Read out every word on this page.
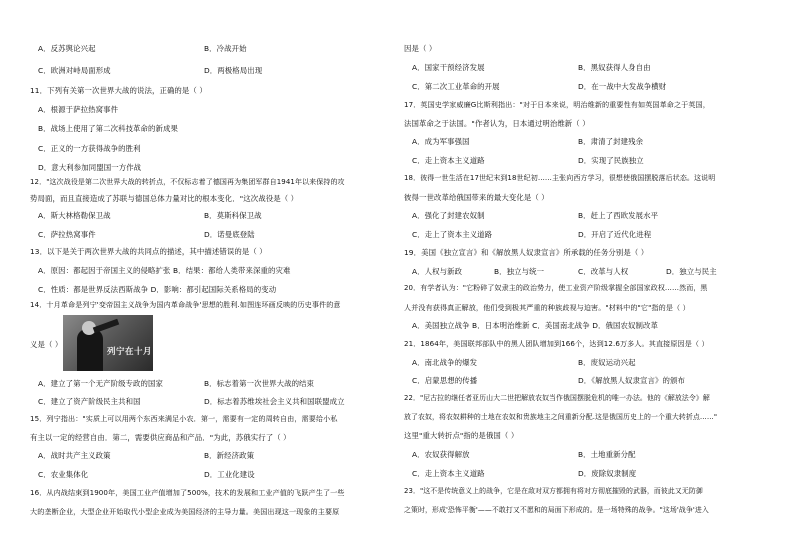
A．反苏舆论兴起	B．冷战开始
C．欧洲对峙局面形成	D．两极格局出现
11．下列有关第一次世界大战的说法，正确的是（ ）
A．根源于萨拉热窝事件
B．战场上使用了第二次科技革命的新成果
C．正义的一方获得战争的胜利
D．意大利参加同盟国一方作战
12．"这次战役是第二次世界大战的转折点，不仅标志着了德国再为集团军群自1941年以来保持的攻
势局面，而且直接造成了苏联与德国总体力量对比的根本变化．"这次战役是（ ）
A．斯大林格勒保卫战	B．莫斯科保卫战
C．萨拉热窝事件	D．诺曼底登陆
13．以下是关于两次世界大战的共同点的描述，其中描述错误的是（ ）
A．原因：都起因于帝国主义的侵略扩张 B．结果：都给人类带来深重的灾难
C．性质：都是世界反法西斯战争 D．影响：都引起国际关系格局的变动
14．十月革命是列宁'变帝国主义战争为国内革命战争'思想的胜利.如图连环画反映的历史事件的意
义是（ ）
A．建立了第一个无产阶级专政的国家	B．标志着第一次世界大战的结束
C．建立了资产阶级民主共和国	D．标志着苏维埃社会主义共和国联盟成立
15．列宁指出："实质上可以用两个东西来满足小农．第一，需要有一定的周转自由，需要给小私
有主以一定的经营自由．第二，需要供应商品和产品．"为此，苏俄实行了（ ）
A．战时共产主义政策	B．新经济政策
C．农业集体化	D．工业化建设
16．从内战结束到1900年，美国工业产值增加了500%，技术的发展和工业产值的飞跃产生了一些
大的垄断企业，大型企业开始取代小型企业成为美国经济的主导力量。美国出现这一现象的主要原
列宁在十月
因是（ ）
A．国家干预经济发展	B．黑奴获得人身自由
C．第二次工业革命的开展	D．在一战中大发战争横财
17．英国史学家威廉G比斯利指出："对于日本来说，明治维新的重要性有如英国革命之于英国，
法国革命之于法国。"作者认为，日本通过明治维新（ ）
A．成为军事强国	B．肃清了封建残余
C．走上资本主义道路	D．实现了民族独立
18．彼得一世生活在17世纪末到18世纪初……主张向西方学习，很想使俄国摆脱落后状态。这说明
彼得一世改革给俄国带来的最大变化是（ ）
A．强化了封建农奴制	B．赶上了西欧发展水平
C．走上了资本主义道路	D．开启了近代化进程
19．美国《独立宣言》和《解放黑人奴隶宣言》所承载的任务分别是（ ）
A．人权与新政	B．独立与统一	C．改革与人权	D．独立与民主
20．有学者认为："它粉碎了奴隶主的政治势力，使工业资产阶级掌握全部国家政权……然而，黑
人并没有获得真正解放，他们受到极其严重的种族歧视与迫害。"材料中的"它"指的是（ ）
A．美国独立战争 B．日本明治维新 C．美国南北战争 D．俄国农奴制改革
21．1864年，美国联邦部队中的黑人团队增加到166个，达到12.6万多人。其直接原因是（ ）
A．南北战争的爆发	B．废奴运动兴起
C．启蒙思想的传播	D．《解放黑人奴隶宣言》的颁布
22．"尼古拉的继任者亚历山大二世把解放农奴当作俄国摆脱危机的唯一办法。他的《解放法令》解
放了农奴，将农奴耕种的土地在农奴和贵族地主之间重新分配.这是俄国历史上的一个重大转折点……"
这里"重大转折点"指的是俄国（ ）
A．农奴获得解放	B．土地重新分配
C．走上资本主义道路	D．废除奴隶制度
23．"这不是传统意义上的战争，它是在敌对双方都拥有将对方彻底摧毁的武器，而彼此又无防御
之策时，形成'恐怖平衡'——不敢打又不愿和的局面下形成的。是一场特殊的战争。"这场'战争'进入
